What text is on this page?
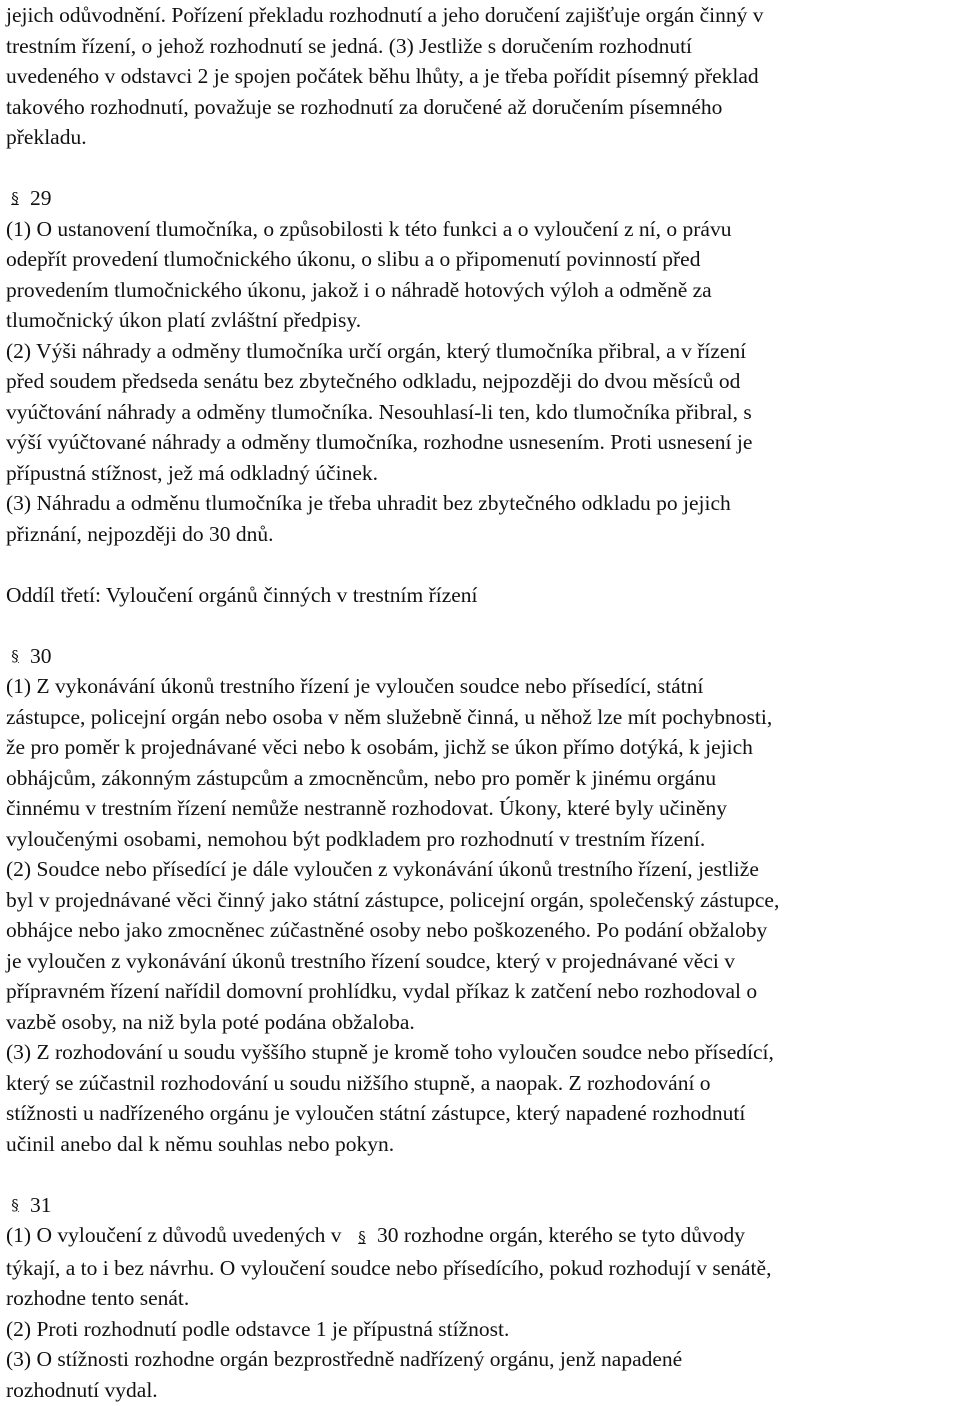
jejich odůvodnění. Pořízení překladu rozhodnutí a jeho doručení zajišťuje orgán činný v
trestním řízení, o jehož rozhodnutí se jedná. (3) Jestliže s doručením rozhodnutí
uvedeného v odstavci 2 je spojen počátek běhu lhůty, a je třeba pořídit písemný překlad
takového rozhodnutí, považuje se rozhodnutí za doručené až doručením písemného
překladu.
§ 29
(1) O ustanovení tlumočníka, o způsobilosti k této funkci a o vyloučení z ní, o právu
odepřít provedení tlumočnického úkonu, o slibu a o připomenutí povinností před
provedením tlumočnického úkonu, jakož i o náhradě hotových výloh a odměně za
tlumočnický úkon platí zvláštní předpisy.
(2) Výši náhrady a odměny tlumočníka určí orgán, který tlumočníka přibral, a v řízení
před soudem předseda senátu bez zbytečného odkladu, nejpozději do dvou měsíců od
vyúčtování náhrady a odměny tlumočníka. Nesouhlasí-li ten, kdo tlumočníka přibral, s
výší vyúčtované náhrady a odměny tlumočníka, rozhodne usnesením. Proti usnesení je
přípustná stížnost, jež má odkladný účinek.
(3) Náhradu a odměnu tlumočníka je třeba uhradit bez zbytečného odkladu po jejich
přiznání, nejpozději do 30 dnů.
Oddíl třetí: Vyloučení orgánů činných v trestním řízení
§ 30
(1) Z vykonávání úkonů trestního řízení je vyloučen soudce nebo přísedící, státní
zástupce, policejní orgán nebo osoba v něm služebně činná, u něhož lze mít pochybnosti,
že pro poměr k projednávané věci nebo k osobám, jichž se úkon přímo dotýká, k jejich
obhájcům, zákonným zástupcům a zmocněncům, nebo pro poměr k jinému orgánu
činnému v trestním řízení nemůže nestranně rozhodovat. Úkony, které byly učiněny
vyloučenými osobami, nemohou být podkladem pro rozhodnutí v trestním řízení.
(2) Soudce nebo přísedící je dále vyloučen z vykonávání úkonů trestního řízení, jestliže
byl v projednávané věci činný jako státní zástupce, policejní orgán, společenský zástupce,
obhájce nebo jako zmocněnec zúčastněné osoby nebo poškozeného. Po podání obžaloby
je vyloučen z vykonávání úkonů trestního řízení soudce, který v projednávané věci v
přípravném řízení nařídil domovní prohlídku, vydal příkaz k zatčení nebo rozhodoval o
vazbě osoby, na niž byla poté podána obžaloba.
(3) Z rozhodování u soudu vyššího stupně je kromě toho vyloučen soudce nebo přísedící,
který se zúčastnil rozhodování u soudu nižšího stupně, a naopak. Z rozhodování o
stížnosti u nadřízeného orgánu je vyloučen státní zástupce, který napadené rozhodnutí
učinil anebo dal k němu souhlas nebo pokyn.
§ 31
(1) O vyloučení z důvodů uvedených v § 30 rozhodne orgán, kterého se tyto důvody
týkají, a to i bez návrhu. O vyloučení soudce nebo přísedícího, pokud rozhodují v senátě,
rozhodne tento senát.
(2) Proti rozhodnutí podle odstavce 1 je přípustná stížnost.
(3) O stížnosti rozhodne orgán bezprostředně nadřízený orgánu, jenž napadené
rozhodnutí vydal.
